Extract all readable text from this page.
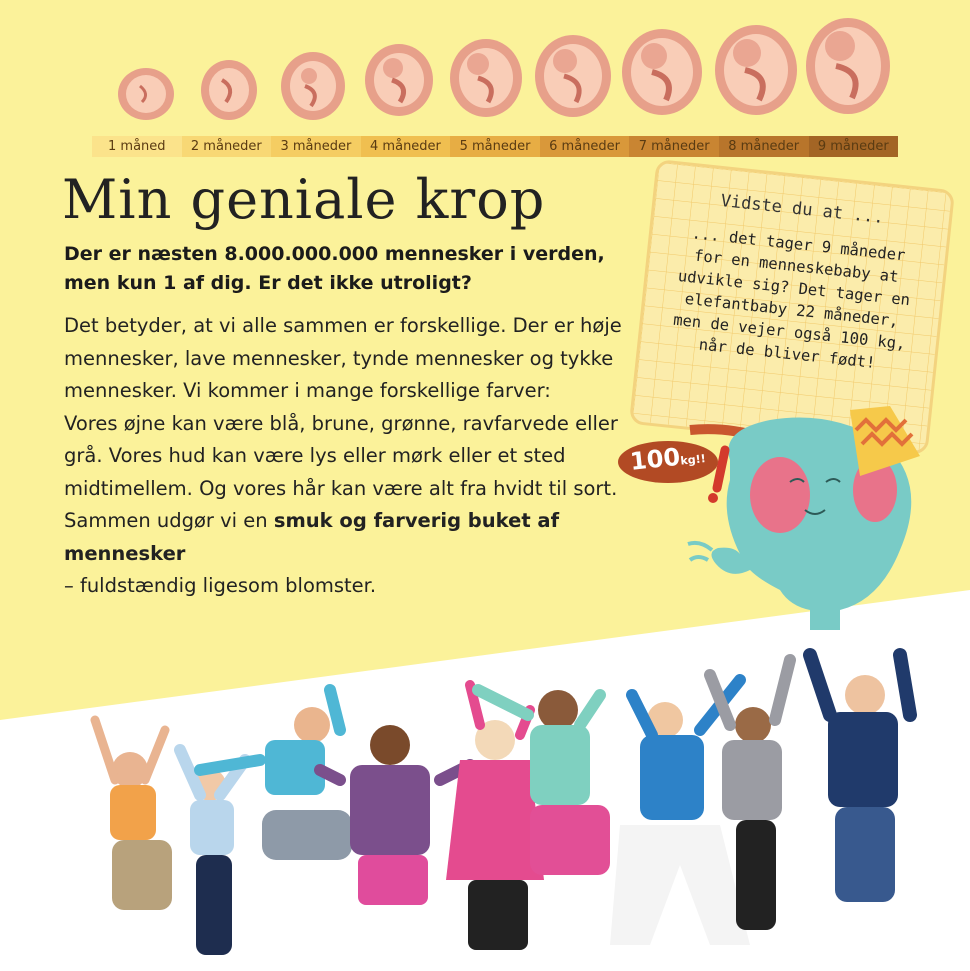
1 måned	2 måneder	3 måneder	4 måneder	5 måneder	6 måneder	7 måneder	8 måneder	9 måneder
Min geniale krop
Der er næsten 8.000.000.000 mennesker i verden, men kun 1 af dig. Er det ikke utroligt?

Det betyder, at vi alle sammen er forskellige. Der er høje mennesker, lave mennesker, tynde mennesker og tykke mennesker. Vi kommer i mange forskellige farver:

Vores øjne kan være blå, brune, grønne, ravfarvede eller grå. Vores hud kan være lys eller mørk eller et sted midtimellem. Og vores hår kan være alt fra hvidt til sort. Sammen udgør vi en smuk og farverig buket af mennesker

– fuldstændig ligesom blomster.

Vidste du at ...
... det tager 9 måneder
for en menneskebaby at
udvikle sig? Det tager en
elefantbaby 22 måneder,
men de vejer også 100 kg,
når de bliver født!
100kg!!
